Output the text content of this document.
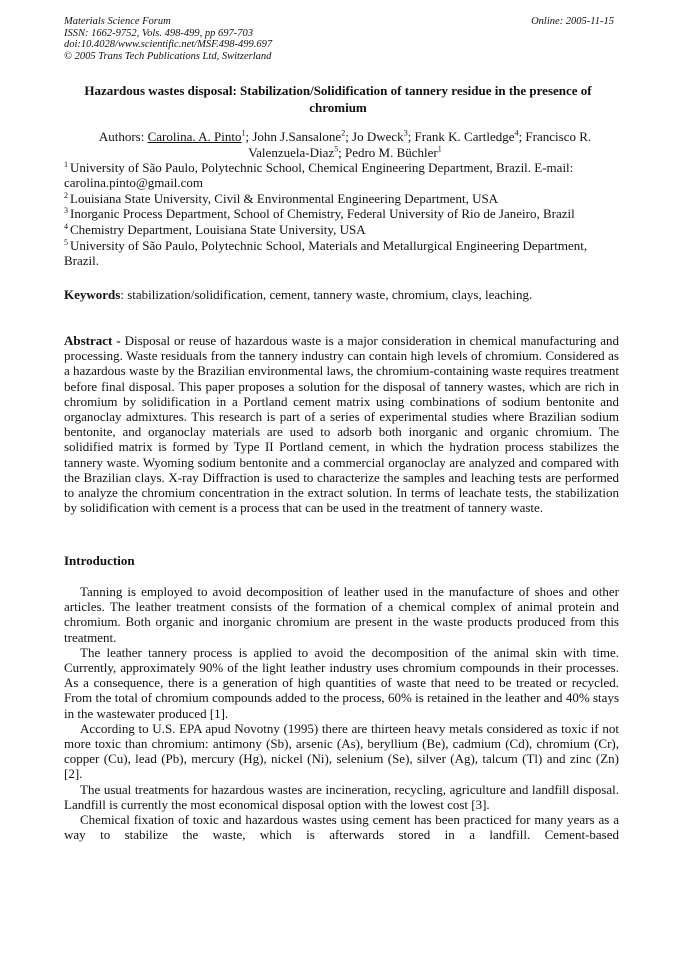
Materials Science Forum
ISSN: 1662-9752, Vols. 498-499, pp 697-703
doi:10.4028/www.scientific.net/MSF.498-499.697
© 2005 Trans Tech Publications Ltd, Switzerland
Online: 2005-11-15
Hazardous wastes disposal: Stabilization/Solidification of tannery residue in the presence of chromium
Authors: Carolina. A. Pinto$^1$; John J.Sansalone$^2$; Jo Dweck$^3$; Frank K. Cartledge$^4$; Francisco R. Valenzuela-Diaz$^5$; Pedro M. Büchler$^1$
$^1$ University of São Paulo, Polytechnic School, Chemical Engineering Department, Brazil. E-mail: carolina.pinto@gmail.com
$^2$ Louisiana State University, Civil & Environmental Engineering Department, USA
$^3$ Inorganic Process Department, School of Chemistry, Federal University of Rio de Janeiro, Brazil
$^4$ Chemistry Department, Louisiana State University, USA
$^5$ University of São Paulo, Polytechnic School, Materials and Metallurgical Engineering Department, Brazil.
Keywords: stabilization/solidification, cement, tannery waste, chromium, clays, leaching.
Abstract - Disposal or reuse of hazardous waste is a major consideration in chemical manufacturing and processing. Waste residuals from the tannery industry can contain high levels of chromium. Considered as a hazardous waste by the Brazilian environmental laws, the chromium-containing waste requires treatment before final disposal. This paper proposes a solution for the disposal of tannery wastes, which are rich in chromium by solidification in a Portland cement matrix using combinations of sodium bentonite and organoclay admixtures. This research is part of a series of experimental studies where Brazilian sodium bentonite, and organoclay materials are used to adsorb both inorganic and organic chromium. The solidified matrix is formed by Type II Portland cement, in which the hydration process stabilizes the tannery waste. Wyoming sodium bentonite and a commercial organoclay are analyzed and compared with the Brazilian clays. X-ray Diffraction is used to characterize the samples and leaching tests are performed to analyze the chromium concentration in the extract solution. In terms of leachate tests, the stabilization by solidification with cement is a process that can be used in the treatment of tannery waste.
Introduction

Tanning is employed to avoid decomposition of leather used in the manufacture of shoes and other articles. The leather treatment consists of the formation of a chemical complex of animal protein and chromium. Both organic and inorganic chromium are present in the waste products produced from this treatment.

The leather tannery process is applied to avoid the decomposition of the animal skin with time. Currently, approximately 90% of the light leather industry uses chromium compounds in their processes. As a consequence, there is a generation of high quantities of waste that need to be treated or recycled. From the total of chromium compounds added to the process, 60% is retained in the leather and 40% stays in the wastewater produced [1].

According to U.S. EPA apud Novotny (1995) there are thirteen heavy metals considered as toxic if not more toxic than chromium: antimony (Sb), arsenic (As), beryllium (Be), cadmium (Cd), chromium (Cr), copper (Cu), lead (Pb), mercury (Hg), nickel (Ni), selenium (Se), silver (Ag), talcum (Tl) and zinc (Zn)[2].

The usual treatments for hazardous wastes are incineration, recycling, agriculture and landfill disposal. Landfill is currently the most economical disposal option with the lowest cost [3].

Chemical fixation of toxic and hazardous wastes using cement has been practiced for many years as a way to stabilize the waste, which is afterwards stored in a landfill. Cement-based
